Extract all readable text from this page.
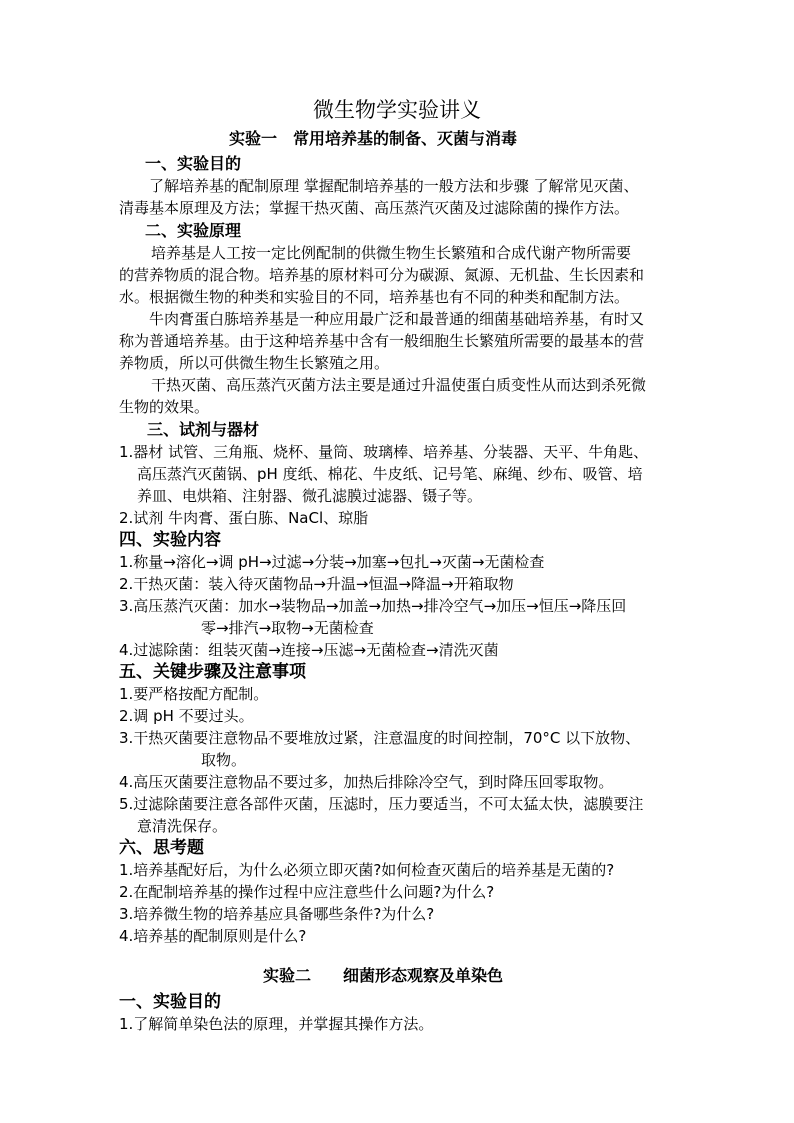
微生物学实验讲义
实验一　常用培养基的制备、灭菌与消毒
一、实验目的
了解培养基的配制原理 掌握配制培养基的一般方法和步骤 了解常见灭菌、
清毒基本原理及方法；掌握干热灭菌、高压蒸汽灭菌及过滤除菌的操作方法。
二、实验原理
培养基是人工按一定比例配制的供微生物生长繁殖和合成代谢产物所需要
的营养物质的混合物。培养基的原材料可分为碳源、氮源、无机盐、生长因素和
水。根据微生物的种类和实验目的不同，培养基也有不同的种类和配制方法。
牛肉膏蛋白胨培养基是一种应用最广泛和最普通的细菌基础培养基，有时又
称为普通培养基。由于这种培养基中含有一般细胞生长繁殖所需要的最基本的营
养物质，所以可供微生物生长繁殖之用。
干热灭菌、高压蒸汽灭菌方法主要是通过升温使蛋白质变性从而达到杀死微
生物的效果。
三、试剂与器材
1.器材 试管、三角瓶、烧杯、量筒、玻璃棒、培养基、分装器、天平、牛角匙、
高压蒸汽灭菌锅、pH 度纸、棉花、牛皮纸、记号笔、麻绳、纱布、吸管、培
养皿、电烘箱、注射器、微孔滤膜过滤器、镊子等。
2.试剂 牛肉膏、蛋白胨、NaCl、琼脂
四、实验内容
1.称量→溶化→调 pH→过滤→分装→加塞→包扎→灭菌→无菌检查
2.干热灭菌：装入待灭菌物品→升温→恒温→降温→开箱取物
3.高压蒸汽灭菌：加水→装物品→加盖→加热→排冷空气→加压→恒压→降压回
零→排汽→取物→无菌检查
4.过滤除菌：组装灭菌→连接→压滤→无菌检查→清洗灭菌
五、关键步骤及注意事项
1.要严格按配方配制。
2.调 pH 不要过头。
3.干热灭菌要注意物品不要堆放过紧，注意温度的时间控制，70°C 以下放物、
取物。
4.高压灭菌要注意物品不要过多，加热后排除冷空气，到时降压回零取物。
5.过滤除菌要注意各部件灭菌，压滤时，压力要适当，不可太猛太快，滤膜要注
意清洗保存。
六、思考题
1.培养基配好后，为什么必须立即灭菌?如何检查灭菌后的培养基是无菌的?
2.在配制培养基的操作过程中应注意些什么问题?为什么?
3.培养微生物的培养基应具备哪些条件?为什么?
4.培养基的配制原则是什么?
实验二　　细菌形态观察及单染色
一、实验目的
1.了解简单染色法的原理，并掌握其操作方法。
